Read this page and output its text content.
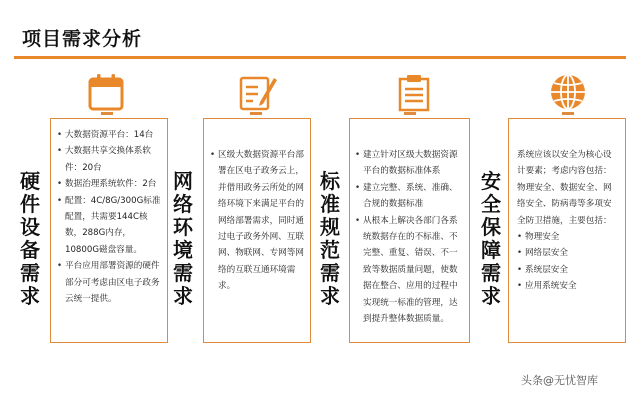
项目需求分析
硬件设备需求
网络环境需求
标准规范需求
安全保障需求
• 大数据资源平台：14台
• 大数据共享交换体系软件：20台
• 数据治理系统软件：2台
• 配置：4C/8G/300G标准配置，共需要144C核数，288G内存，10800G磁盘容量。
• 平台应用部署资源的硬件部分可考虑由区电子政务云统一提供。
• 区级大数据资源平台部署在区电子政务云上，并借用政务云所处的网络环境下来满足平台的网络部署需求，同时通过电子政务外网、互联网、物联网、专网等网络的互联互通环境需求。
• 建立针对区级大数据资源平台的数据标准体系
• 建立完整、系统、准确、合规的数据标准
• 从根本上解决各部门各系统数据存在的不标准、不完整、重复、错误、不一致等数据质量问题，使数据在整合、应用的过程中实现统一标准的管理，达到提升整体数据质量。
系统应该以安全为核心设计要素；考虑内容包括：物理安全、数据安全、网络安全、防病毒等多项安全防卫措施，主要包括：
• 物理安全
• 网络层安全
• 系统层安全
• 应用系统安全
头条@无忧智库
